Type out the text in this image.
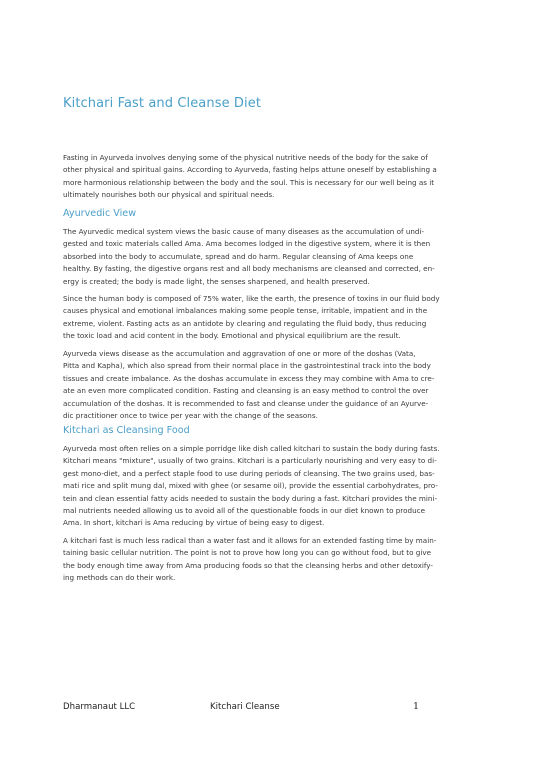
Kitchari Fast and Cleanse Diet

Fasting in Ayurveda involves denying some of the physical nutritive needs of the body for the sake of
other physical and spiritual gains. According to Ayurveda, fasting helps attune oneself by establishing a
more harmonious relationship between the body and the soul. This is necessary for our well being as it
ultimately nourishes both our physical and spiritual needs.

Ayurvedic View

The Ayurvedic medical system views the basic cause of many diseases as the accumulation of undi-
gested and toxic materials called Ama. Ama becomes lodged in the digestive system, where it is then
absorbed into the body to accumulate, spread and do harm. Regular cleansing of Ama keeps one
healthy. By fasting, the digestive organs rest and all body mechanisms are cleansed and corrected, en-
ergy is created; the body is made light, the senses sharpened, and health preserved.

Since the human body is composed of 75% water, like the earth, the presence of toxins in our fluid body
causes physical and emotional imbalances making some people tense, irritable, impatient and in the
extreme, violent. Fasting acts as an antidote by clearing and regulating the fluid body, thus reducing
the toxic load and acid content in the body. Emotional and physical equilibrium are the result.

Ayurveda views disease as the accumulation and aggravation of one or more of the doshas (Vata,
Pitta and Kapha), which also spread from their normal place in the gastrointestinal track into the body
tissues and create imbalance. As the doshas accumulate in excess they may combine with Ama to cre-
ate an even more complicated condition. Fasting and cleansing is an easy method to control the over
accumulation of the doshas. It is recommended to fast and cleanse under the guidance of an Ayurve-
dic practitioner once to twice per year with the change of the seasons.

Kitchari as Cleansing Food

Ayurveda most often relies on a simple porridge like dish called kitchari to sustain the body during fasts.
Kitchari means "mixture", usually of two grains. Kitchari is a particularly nourishing and very easy to di-
gest mono-diet, and a perfect staple food to use during periods of cleansing. The two grains used, bas-
mati rice and split mung dal, mixed with ghee (or sesame oil), provide the essential carbohydrates, pro-
tein and clean essential fatty acids needed to sustain the body during a fast. Kitchari provides the mini-
mal nutrients needed allowing us to avoid all of the questionable foods in our diet known to produce
Ama. In short, kitchari is Ama reducing by virtue of being easy to digest.

A kitchari fast is much less radical than a water fast and it allows for an extended fasting time by main-
taining basic cellular nutrition. The point is not to prove how long you can go without food, but to give
the body enough time away from Ama producing foods so that the cleansing herbs and other detoxify-
ing methods can do their work.

Dharmanaut LLC	Kitchari Cleanse	1
